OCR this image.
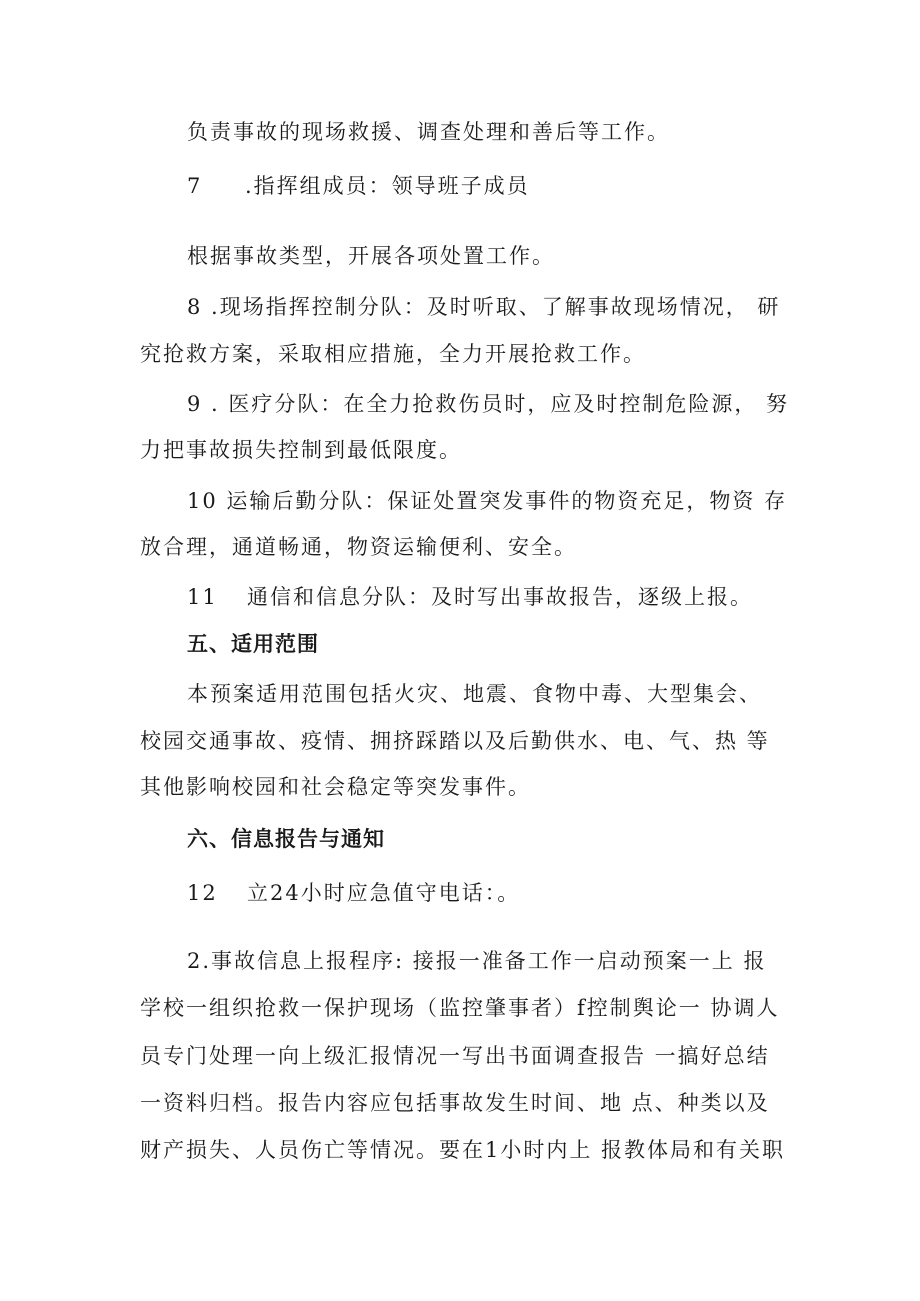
负责事故的现场救援、调查处理和善后等工作。
7 .指挥组成员：领导班子成员
根据事故类型，开展各项处置工作。
8 .现场指挥控制分队：及时听取、了解事故现场情况， 研
究抢救方案，采取相应措施，全力开展抢救工作。
9 . 医疗分队：在全力抢救伤员时，应及时控制危险源， 努
力把事故损失控制到最低限度。
10 运输后勤分队：保证处置突发事件的物资充足，物资 存
放合理，通道畅通，物资运输便利、安全。
11 通信和信息分队：及时写出事故报告，逐级上报。
五、适用范围
本预案适用范围包括火灾、地震、食物中毒、大型集会、
校园交通事故、疫情、拥挤踩踏以及后勤供水、电、气、热 等
其他影响校园和社会稳定等突发事件。
六、信息报告与通知
12 立24小时应急值守电话：。
2.事故信息上报程序: 接报一准备工作一启动预案一上 报
学校一组织抢救一保护现场（监控肇事者）f控制舆论一 协调人
员专门处理一向上级汇报情况一写出书面调查报告 一搞好总结
一资料归档。报告内容应包括事故发生时间、地 点、种类以及
财产损失、人员伤亡等情况。要在1小时内上 报教体局和有关职
